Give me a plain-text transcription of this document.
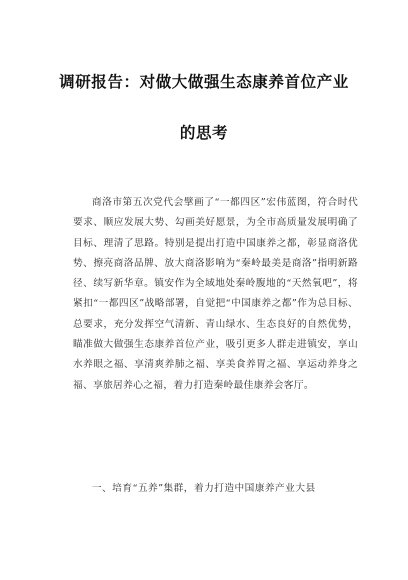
调研报告：对做大做强生态康养首位产业
的思考

商洛市第五次党代会擘画了“一都四区”宏伟蓝图，符合时代要求、顺应发展大势、勾画美好愿景，为全市高质量发展明确了目标、理清了思路。特别是提出打造中国康养之都，彰显商洛优势、擦亮商洛品牌、放大商洛影响为“秦岭最美是商洛”指明新路径、续写新华章。镇安作为全域地处秦岭腹地的“天然氧吧”，将紧扣“一都四区”战略部署，自觉把“中国康养之都”作为总目标、总要求，充分发挥空气清新、青山绿水、生态良好的自然优势，瞄准做大做强生态康养首位产业，吸引更多人群走进镇安，享山水养眼之福、享清爽养肺之福、享美食养胃之福、享运动养身之福、享旅居养心之福，着力打造秦岭最佳康养会客厅。

一、培育“五养”集群，着力打造中国康养产业大县
